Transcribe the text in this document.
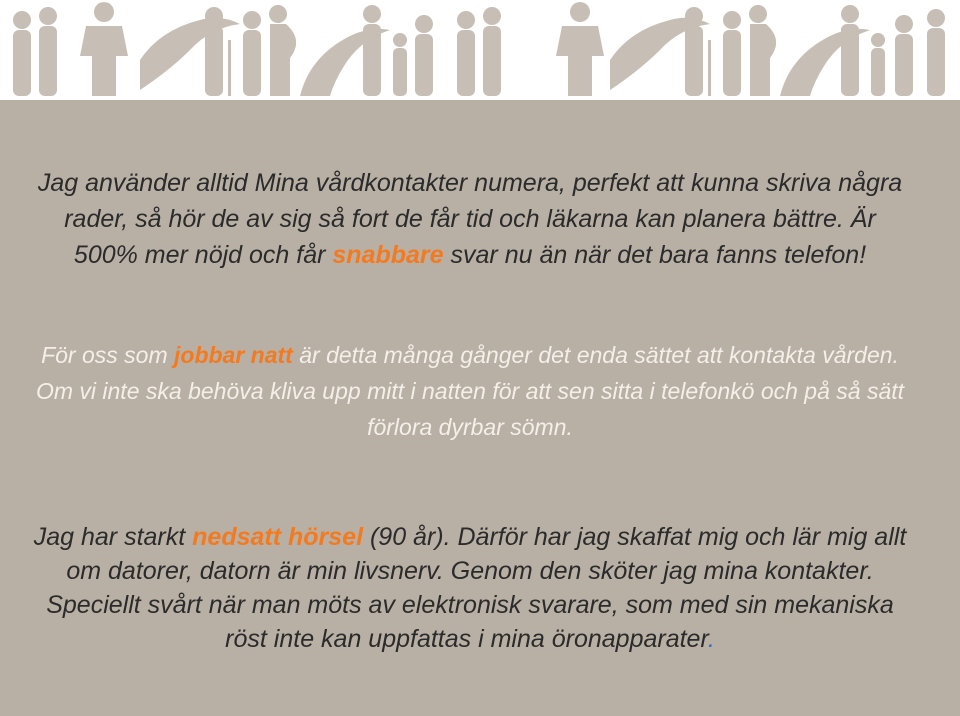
Jag använder alltid Mina vårdkontakter numera, perfekt att kunna skriva några rader, så hör de av sig så fort de får tid och läkarna kan planera bättre. Är 500% mer nöjd och får snabbare svar nu än när det bara fanns telefon!

För oss som jobbar natt är detta många gånger det enda sättet att kontakta vården. Om vi inte ska behöva kliva upp mitt i natten för att sen sitta i telefonkö och på så sätt förlora dyrbar sömn.

Jag har starkt nedsatt hörsel (90 år). Därför har jag skaffat mig och lär mig allt om datorer, datorn är min livsnerv. Genom den sköter jag mina kontakter. Speciellt svårt när man möts av elektronisk svarare, som med sin mekaniska röst inte kan uppfattas i mina öronapparater.
